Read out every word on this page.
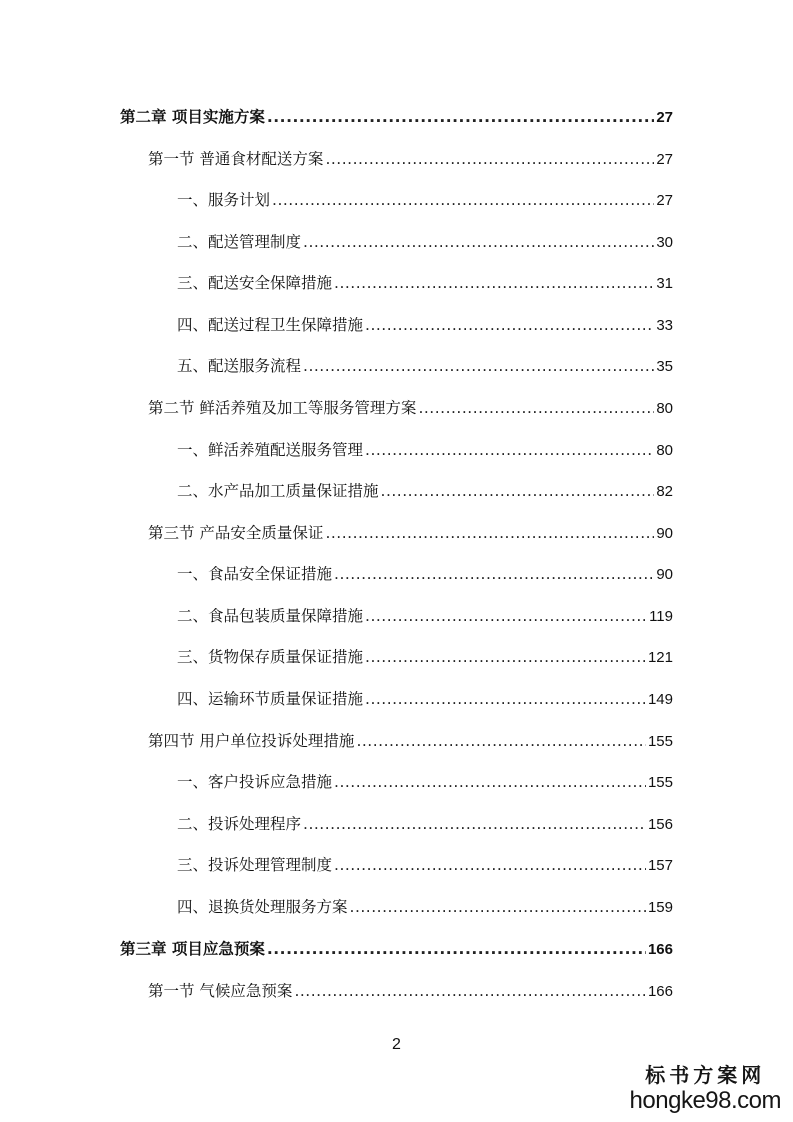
第二章 项目实施方案 .....	27
第一节 普通食材配送方案 .....	27
一、服务计划 .....	27
二、配送管理制度 .....	30
三、配送安全保障措施 .....	31
四、配送过程卫生保障措施 .....	33
五、配送服务流程 .....	35
第二节 鲜活养殖及加工等服务管理方案 .....	80
一、鲜活养殖配送服务管理 .....	80
二、水产品加工质量保证措施 .....	82
第三节 产品安全质量保证 .....	90
一、食品安全保证措施 .....	90
二、食品包装质量保障措施 .....	119
三、货物保存质量保证措施 .....	121
四、运输环节质量保证措施 .....	149
第四节 用户单位投诉处理措施 .....	155
一、客户投诉应急措施 .....	155
二、投诉处理程序 .....	156
三、投诉处理管理制度 .....	157
四、退换货处理服务方案 .....	159
第三章 项目应急预案 .....	166
第一节 气候应急预案 .....	166
2
标书方案网
hongke98.com
